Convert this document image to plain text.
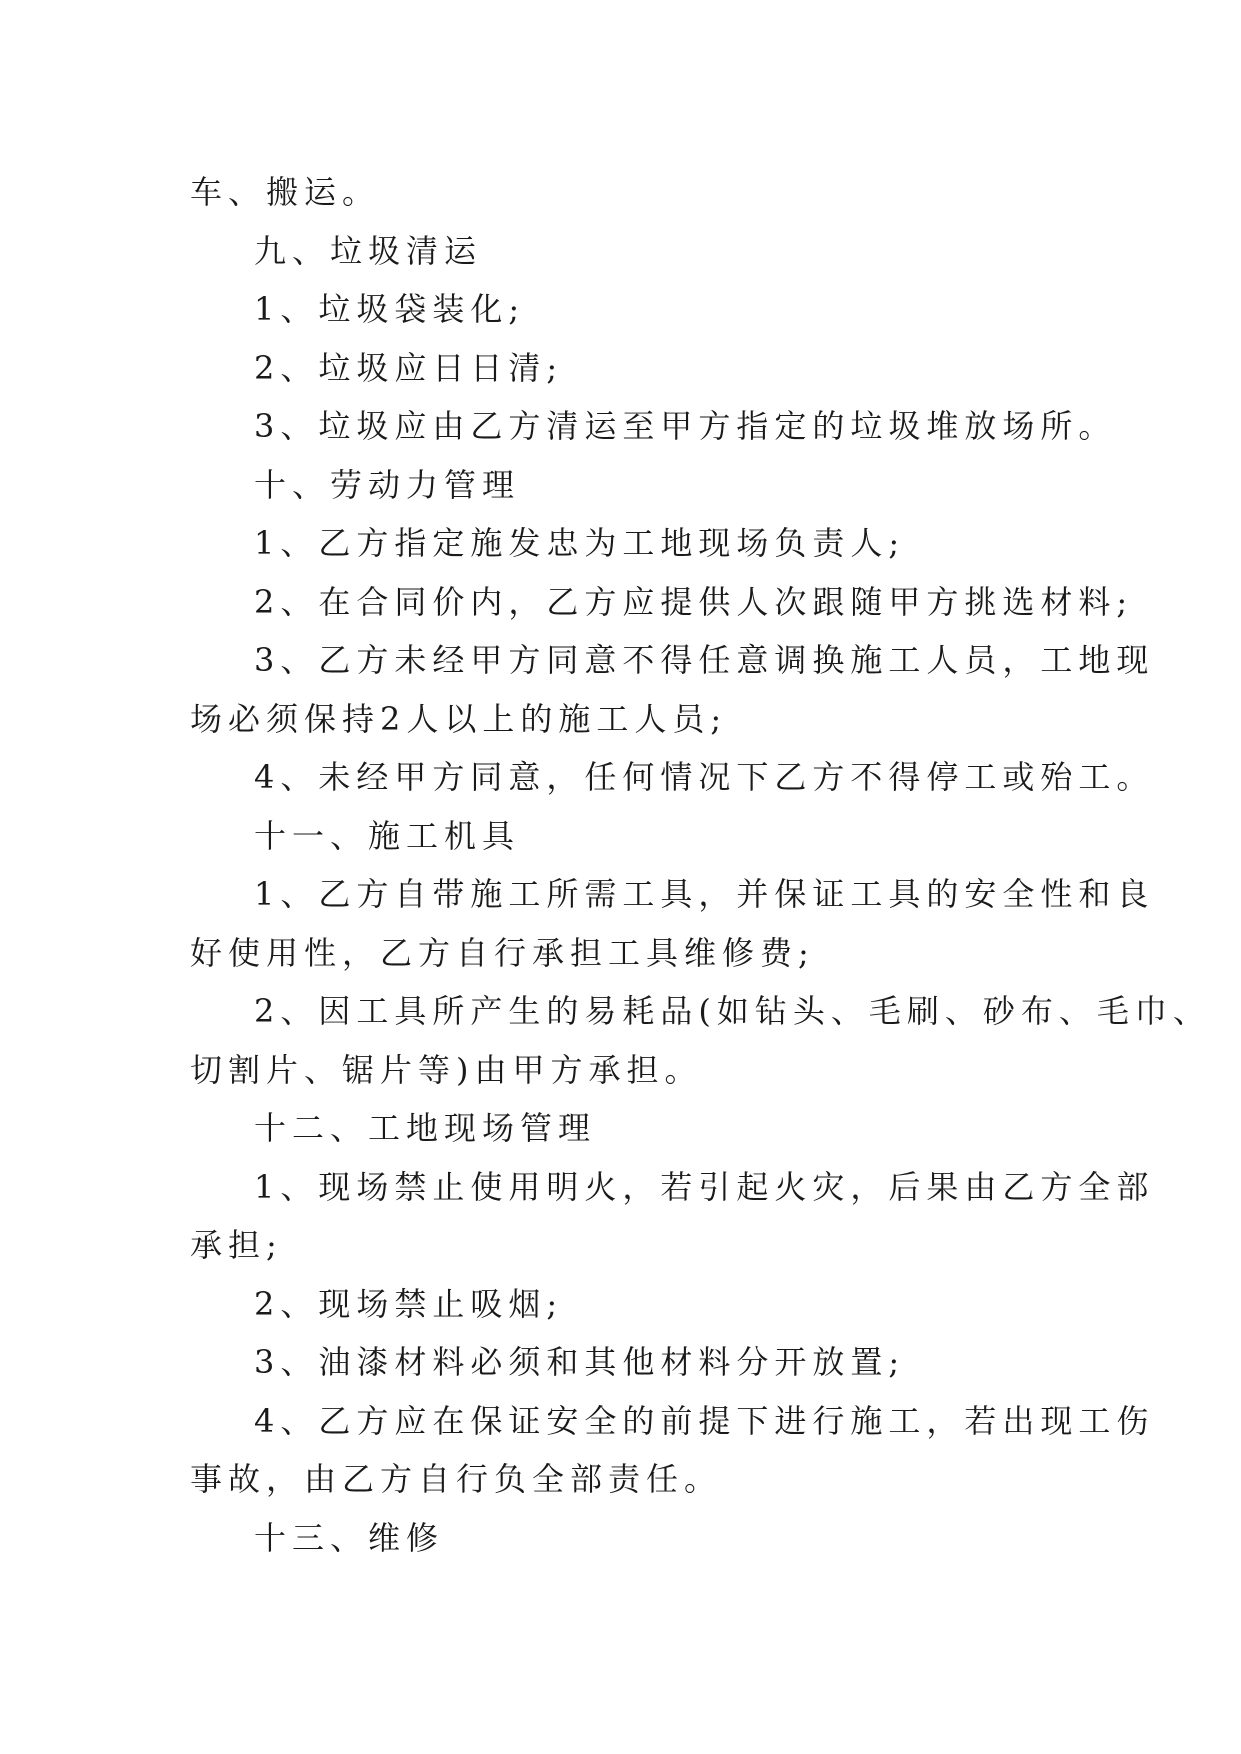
车、搬运。
九、垃圾清运
1、垃圾袋装化;
2、垃圾应日日清;
3、垃圾应由乙方清运至甲方指定的垃圾堆放场所。
十、劳动力管理
1、乙方指定施发忠为工地现场负责人;
2、在合同价内，乙方应提供人次跟随甲方挑选材料;
3、乙方未经甲方同意不得任意调换施工人员，工地现
场必须保持2人以上的施工人员;
4、未经甲方同意，任何情况下乙方不得停工或殆工。
十一、施工机具
1、乙方自带施工所需工具，并保证工具的安全性和良
好使用性，乙方自行承担工具维修费;
2、因工具所产生的易耗品(如钻头、毛刷、砂布、毛巾、
切割片、锯片等)由甲方承担。
十二、工地现场管理
1、现场禁止使用明火，若引起火灾，后果由乙方全部
承担;
2、现场禁止吸烟;
3、油漆材料必须和其他材料分开放置;
4、乙方应在保证安全的前提下进行施工，若出现工伤
事故，由乙方自行负全部责任。
十三、维修
